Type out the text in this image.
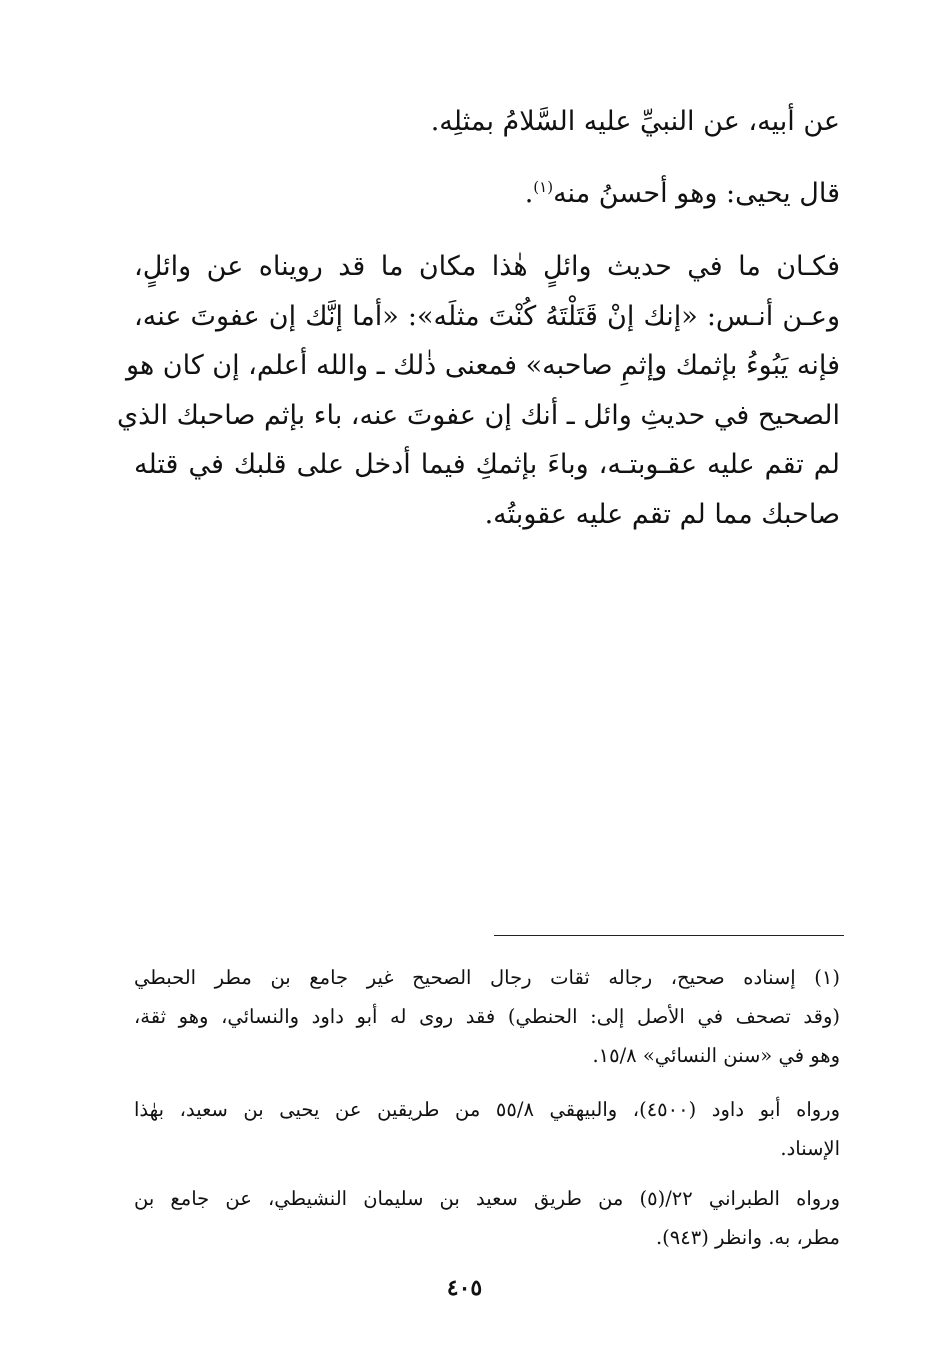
عن أبيه، عن النبيِّ عليه السَّلامُ بمثلِه.
قال يحيى: وهو أحسنُ منه$^{(١)}$.
فكـان ما في حديث وائلٍ هٰذا مكان ما قد رويناه عن وائلٍ،
وعـن أنـس: «إنك إنْ قَتَلْتَهُ كُنْتَ مثلَه»: «أما إنَّك إن عفوتَ عنه،
فإنه يَبُوءُ بإثمك وإثمِ صاحبه» فمعنى ذٰلك ـ والله أعلم، إن كان هو
الصحيح في حديثِ وائل ـ أنك إن عفوتَ عنه، باء بإثم صاحبك الذي
لم تقم عليه عقـوبتـه، وباءَ بإثمكِ فيما أدخل على قلبك في قتله
صاحبك مما لم تقم عليه عقوبتُه.
(١) إسناده صحيح، رجاله ثقات رجال الصحيح غير جامع بن مطر الحبطي
(وقد تصحف في الأصل إلى: الحنطي) فقد روى له أبو داود والنسائي، وهو ثقة،
وهو في «سنن النسائي» ١٥/٨.
ورواه أبو داود (٤٥٠٠)، والبيهقي ٥٥/٨ من طريقين عن يحيى بن سعيد، بهٰذا
الإسناد.
ورواه الطبراني ٢٢/(٥) من طريق سعيد بن سليمان النشيطي، عن جامع بن
مطر، به. وانظر (٩٤٣).
٤٠٥
